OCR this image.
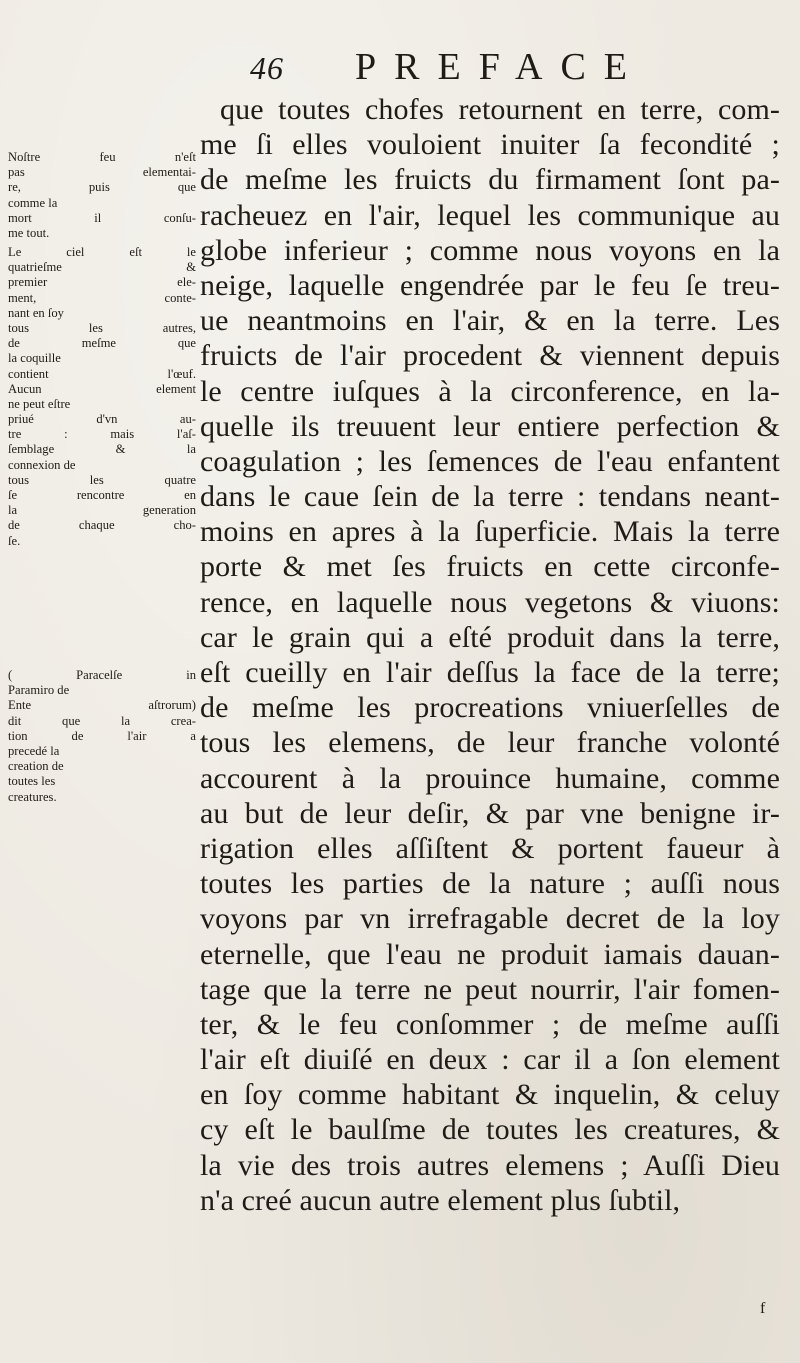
46 PREFACE
que toutes chofes retournent en terre, com-
me ſi elles vouloient inuiter ſa fecondité ;
de meſme les fruicts du firmament ſont pa-
racheuez en l'air, lequel les communique au
globe inferieur ; comme nous voyons en la
neige, laquelle engendrée par le feu ſe treu-
ue neantmoins en l'air, & en la terre. Les
fruicts de l'air procedent & viennent depuis
le centre iuſques à la circonference, en la-
quelle ils treuuent leur entiere perfection &
coagulation ; les ſemences de l'eau enfantent
dans le caue ſein de la terre : tendans neant-
moins en apres à la ſuperficie. Mais la terre
porte & met ſes fruicts en cette circonfe-
rence, en laquelle nous vegetons & viuons:
car le grain qui a eſté produit dans la terre,
eſt cueilly en l'air deſſus la face de la terre;
de meſme les procreations vniuerſelles de
tous les elemens, de leur franche volonté
accourent à la prouince humaine, comme
au but de leur deſir, & par vne benigne ir-
rigation elles aſſiſtent & portent faueur à
toutes les parties de la nature ; auſſi nous
voyons par vn irrefragable decret de la loy
eternelle, que l'eau ne produit iamais dauan-
tage que la terre ne peut nourrir, l'air fomen-
ter, & le feu conſommer ; de meſme auſſi
l'air eſt diuiſé en deux : car il a ſon element
en ſoy comme habitant & inquelin, & celuy
cy eſt le baulſme de toutes les creatures, &
la vie des trois autres elemens ; Auſſi Dieu
n'a creé aucun autre element plus ſubtil,
Noſtre feu n'eſt
pas elementai-
re, puis que
comme la
mort il conſu-
me tout.
Le ciel eſt le
quatrieſme &
premier ele-
ment, conte-
nant en ſoy
tous les autres,
de meſme que
la coquille
contient l'œuf.
Aucun element
ne peut eſtre
priué d'vn au-
tre : mais l'aſ-
ſemblage & la
connexion de
tous les quatre
ſe rencontre en
la generation
de chaque cho-
ſe.
( Paracelſe in
Paramiro de
Ente aſtrorum)
dit que la crea-
tion de l'air a
precedé la
creation de
toutes les
creatures.
f
